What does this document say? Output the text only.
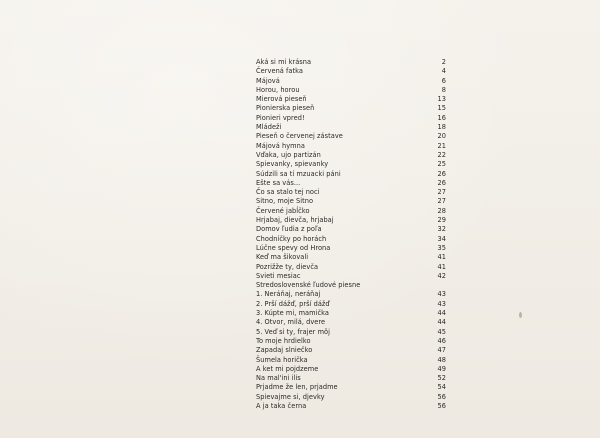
Aká si mi krásna	2
Červená fatka	4
Májová	6
Horou, horou	8
Mierová pieseň	13
Pionierska pieseň	15
Pionieri vpred!	16
Mládeži	18
Pieseň o červenej zástave	20
Májová hymna	21
Vďaka, ujo partizán	22
Spievanky, spievanky	25
Súdzili sa tí mzuacki páni	26
Ešte sa vás...	26
Čo sa stalo tej noci	27
Sitno, moje Sitno	27
Červené jabĺčko	28
Hrjabaj, dievča, hrjabaj	29
Domov ľudia z poľa	32
Chodníčky po horách	34
Lúčne spevy od Hrona	35
Keď ma šikovali	41
Pozrižže ty, dievča	41
Svieti mesiac	42
Stredoslovenské ľudové piesne
1. Neráňaj, neráňaj	43
2. Prší dážď, prší dážď	43
3. Kúpte mi, mamička	44
4. Otvor, milá, dvere	44
5. Veď si ty, frajer môj	45
To moje hrdielko	46
Zapadaj slniečko	47
Šumela horička	48
A ket mi pojdzeme	49
Na mal'ini ilis	52
Prjadme že len, prjadme	54
Spievajme si, djevky	56
A ja taka černa	56
